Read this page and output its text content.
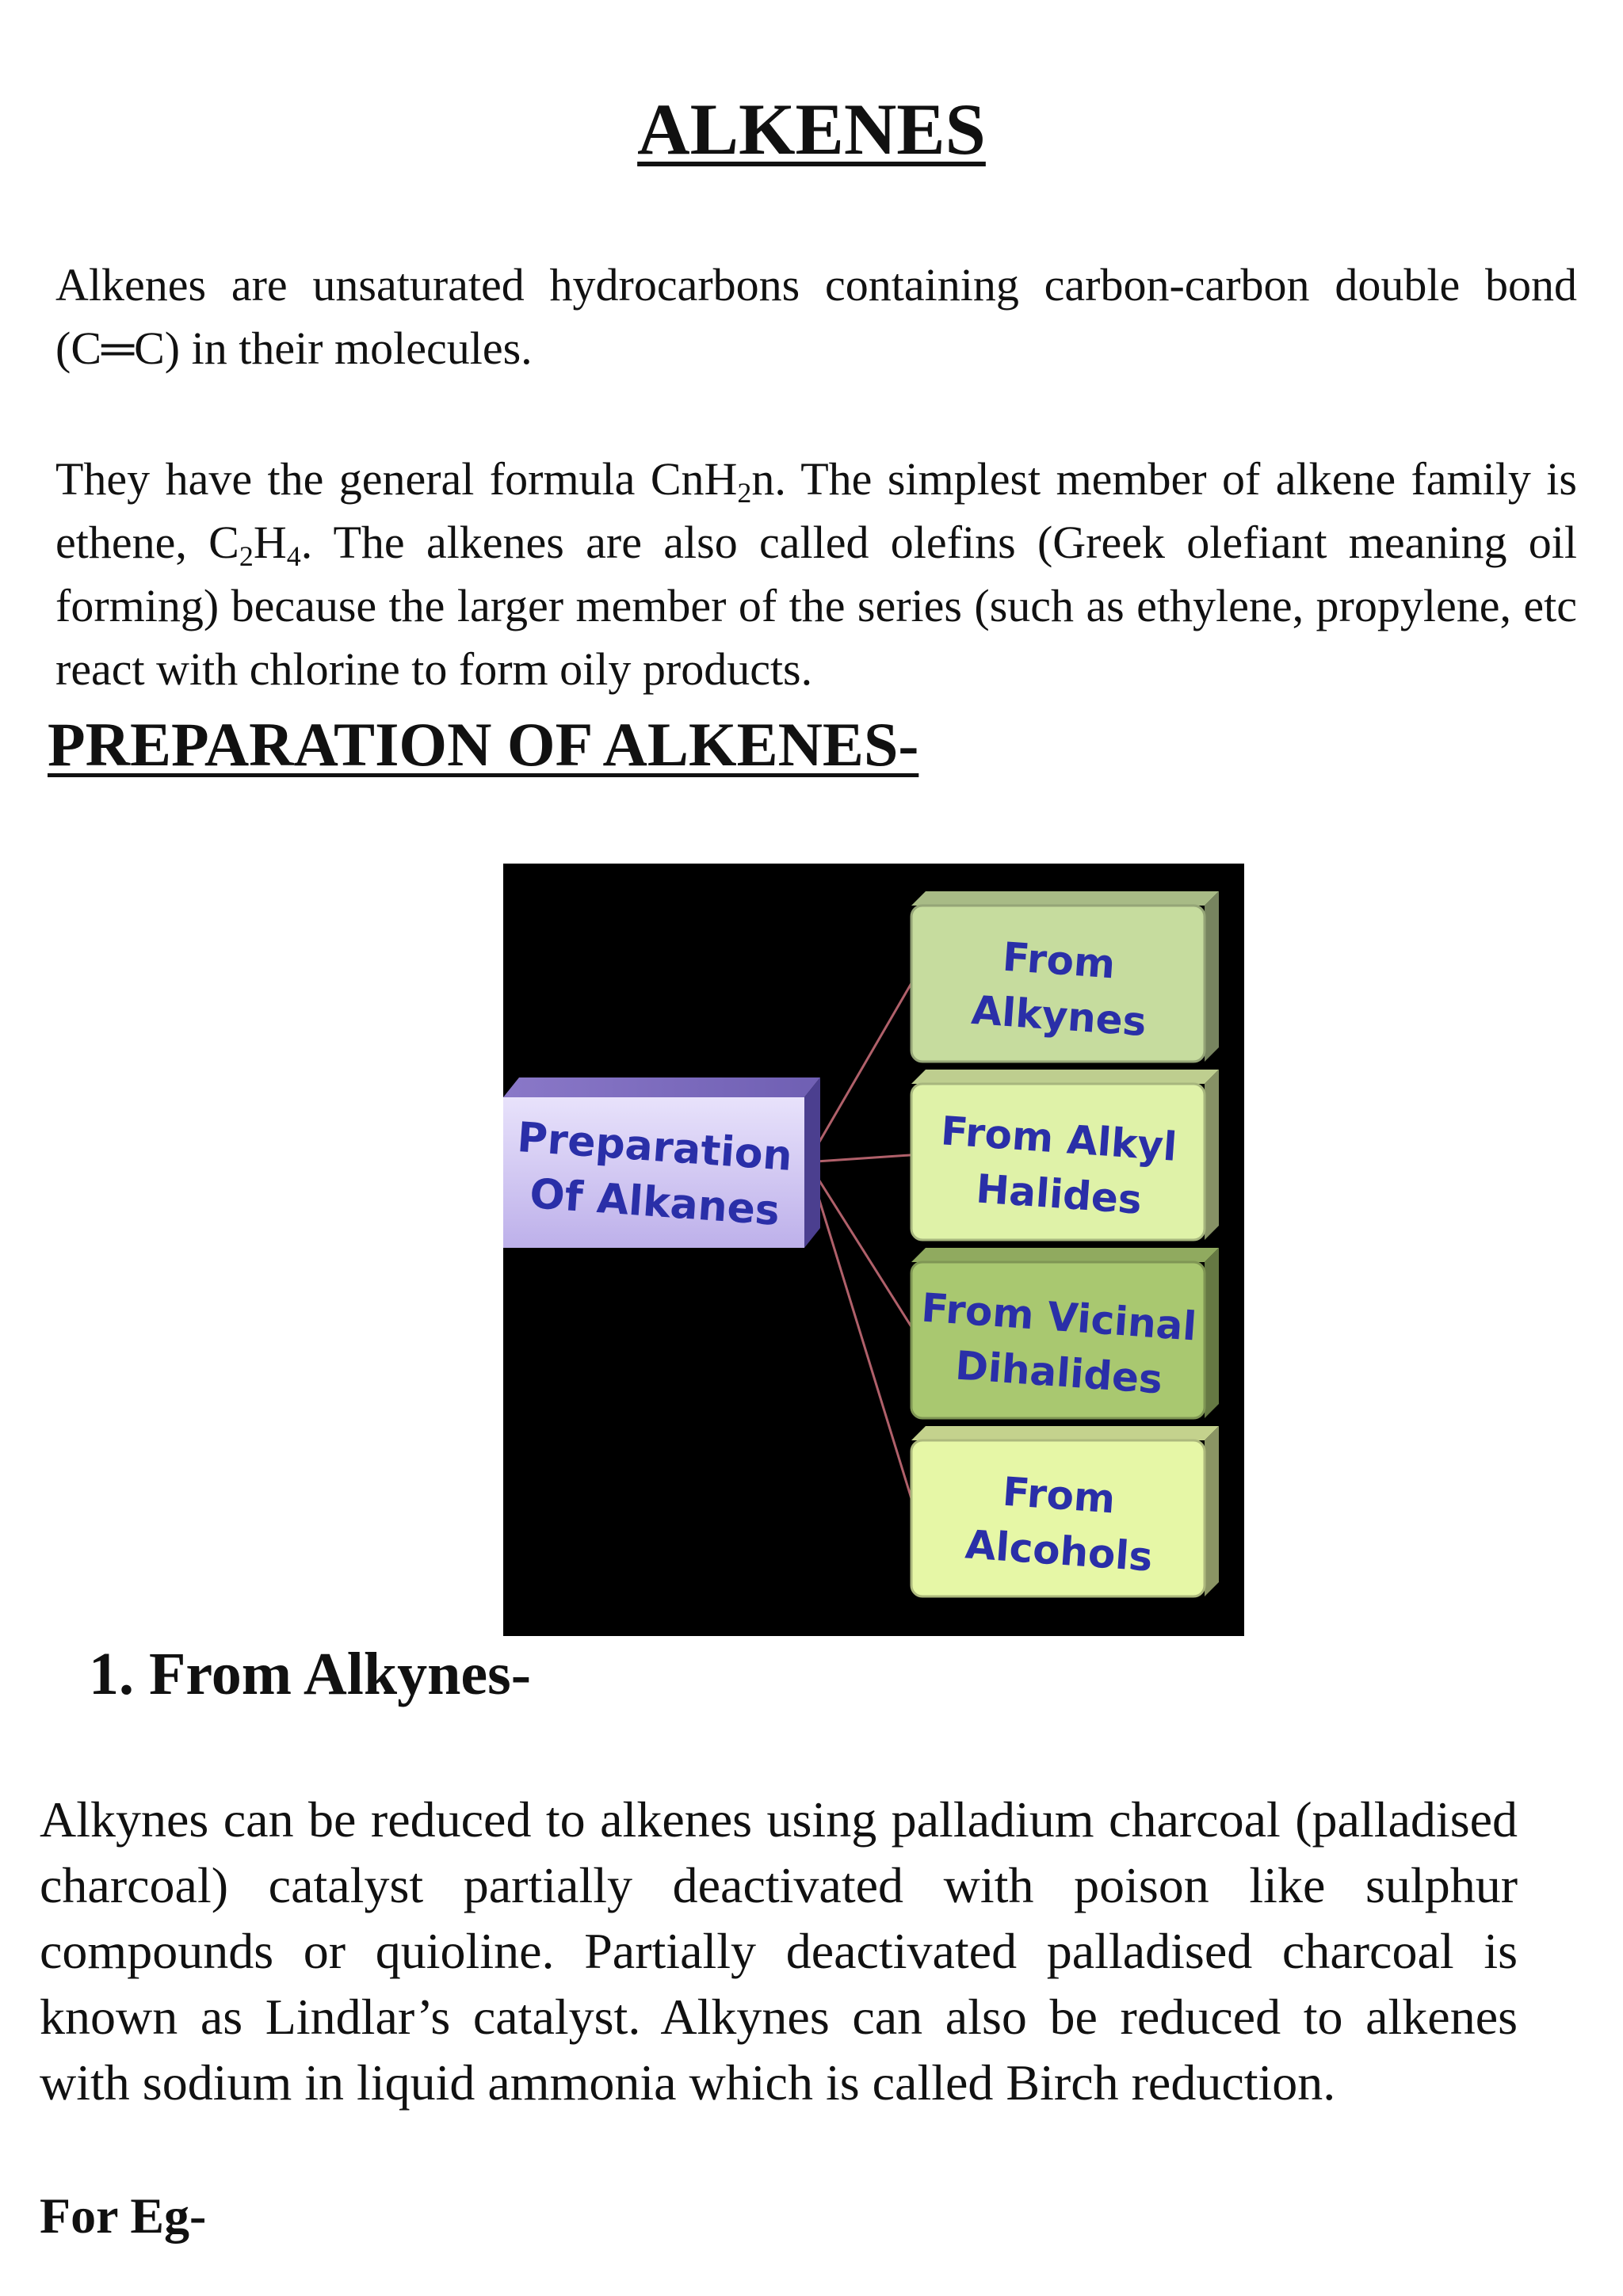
ALKENES

Alkenes are unsaturated hydrocarbons containing carbon-carbon double bond (C═C) in their molecules.

They have the general formula CnH$_2$n. The simplest member of alkene family is ethene, $C_2H_4$. The alkenes are also called olefins (Greek olefiant meaning oil forming) because the larger member of the series (such as ethylene, propylene, etc react with chlorine to form oily products.

PREPARATION OF ALKENES-
Preparation
Of Alkanes
From
Alkynes
From Alkyl
Halides
From Vicinal
Dihalides
From
Alcohols
1. From Alkynes-

Alkynes can be reduced to alkenes using palladium charcoal (palladised charcoal) catalyst partially deactivated with poison like sulphur compounds or quioline. Partially deactivated palladised charcoal is known as Lindlar’s catalyst. Alkynes can also be reduced to alkenes with sodium in liquid ammonia which is called Birch reduction.

For Eg-
